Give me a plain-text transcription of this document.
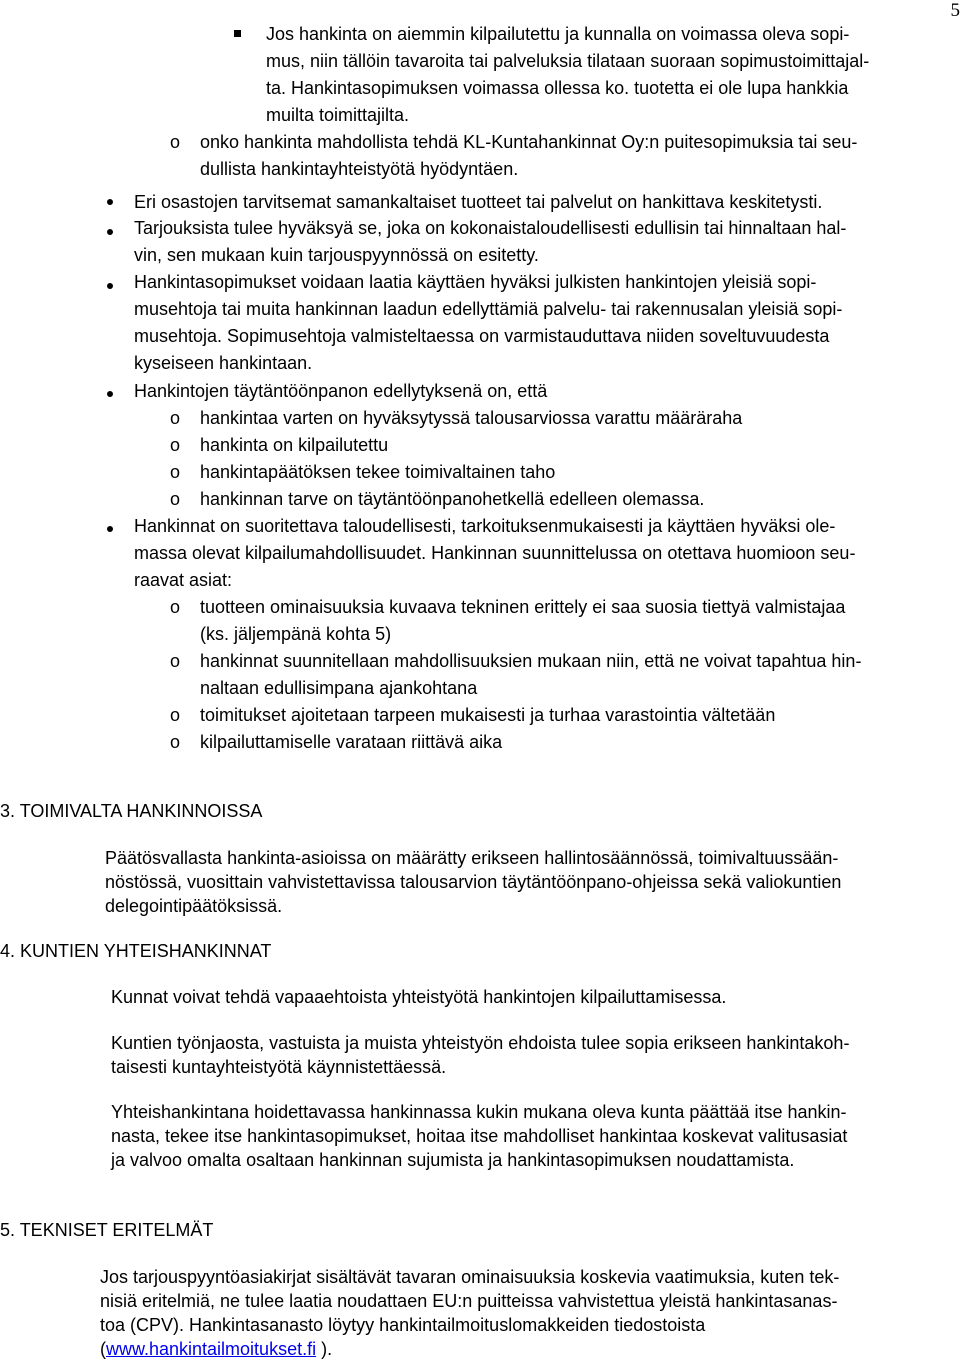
5
Jos hankinta on aiemmin kilpailutettu ja kunnalla on voimassa oleva sopi-
mus, niin tällöin tavaroita tai palveluksia tilataan suoraan sopimustoimittajal-
ta. Hankintasopimuksen voimassa ollessa ko. tuotetta ei ole lupa hankkia
muilta toimittajilta.
o onko hankinta mahdollista tehdä KL-Kuntahankinnat Oy:n puitesopimuksia tai seu-
dullista hankintayhteistyötä hyödyntäen.
Eri osastojen tarvitsemat samankaltaiset tuotteet tai palvelut on hankittava keskitetysti.
Tarjouksista tulee hyväksyä se, joka on kokonaistaloudellisesti edullisin tai hinnaltaan hal-
vin, sen mukaan kuin tarjouspyynnössä on esitetty.
Hankintasopimukset voidaan laatia käyttäen hyväksi julkisten hankintojen yleisiä sopi-
musehtoja tai muita hankinnan laadun edellyttämiä palvelu- tai rakennusalan yleisiä sopi-
musehtoja. Sopimusehtoja valmisteltaessa on varmistauduttava niiden soveltuvuudesta
kyseiseen hankintaan.
Hankintojen täytäntöönpanon edellytyksenä on, että
o hankintaa varten on hyväksytyssä talousarviossa varattu määräraha
o hankinta on kilpailutettu
o hankintapäätöksen tekee toimivaltainen taho
o hankinnan tarve on täytäntöönpanohetkellä edelleen olemassa.
Hankinnat on suoritettava taloudellisesti, tarkoituksenmukaisesti ja käyttäen hyväksi ole-
massa olevat kilpailumahdollisuudet. Hankinnan suunnittelussa on otettava huomioon seu-
raavat asiat:
o tuotteen ominaisuuksia kuvaava tekninen erittely ei saa suosia tiettyä valmistajaa
(ks. jäljempänä kohta 5)
o hankinnat suunnitellaan mahdollisuuksien mukaan niin, että ne voivat tapahtua hin-
naltaan edullisimpana ajankohtana
o toimitukset ajoitetaan tarpeen mukaisesti ja turhaa varastointia vältetään
o kilpailuttamiselle varataan riittävä aika
3. TOIMIVALTA HANKINNOISSA
Päätösvallasta hankinta-asioissa on määrätty erikseen hallintosäännössä, toimivaltuussään-
nöstössä, vuosittain vahvistettavissa talousarvion täytäntöönpano-ohjeissa sekä valiokuntien
delegointipäätöksissä.
4. KUNTIEN YHTEISHANKINNAT
Kunnat voivat tehdä vapaaehtoista yhteistyötä hankintojen kilpailuttamisessa.
Kuntien työnjaosta, vastuista ja muista yhteistyön ehdoista tulee sopia erikseen hankintakoh-
taisesti kuntayhteistyötä käynnistettäessä.
Yhteishankintana hoidettavassa hankinnassa kukin mukana oleva kunta päättää itse hankin-
nasta, tekee itse hankintasopimukset, hoitaa itse mahdolliset hankintaa koskevat valitusasiat
ja valvoo omalta osaltaan hankinnan sujumista ja hankintasopimuksen noudattamista.
5. TEKNISET ERITELMÄT
Jos tarjouspyyntöasiakirjat sisältävät tavaran ominaisuuksia koskevia vaatimuksia, kuten tek-
nisiä eritelmiä, ne tulee laatia noudattaen EU:n puitteissa vahvistettua yleistä hankintasanas-
toa (CPV). Hankintasanasto löytyy hankintailmoituslomakkeiden tiedostoista
(www.hankintailmoitukset.fi ).
